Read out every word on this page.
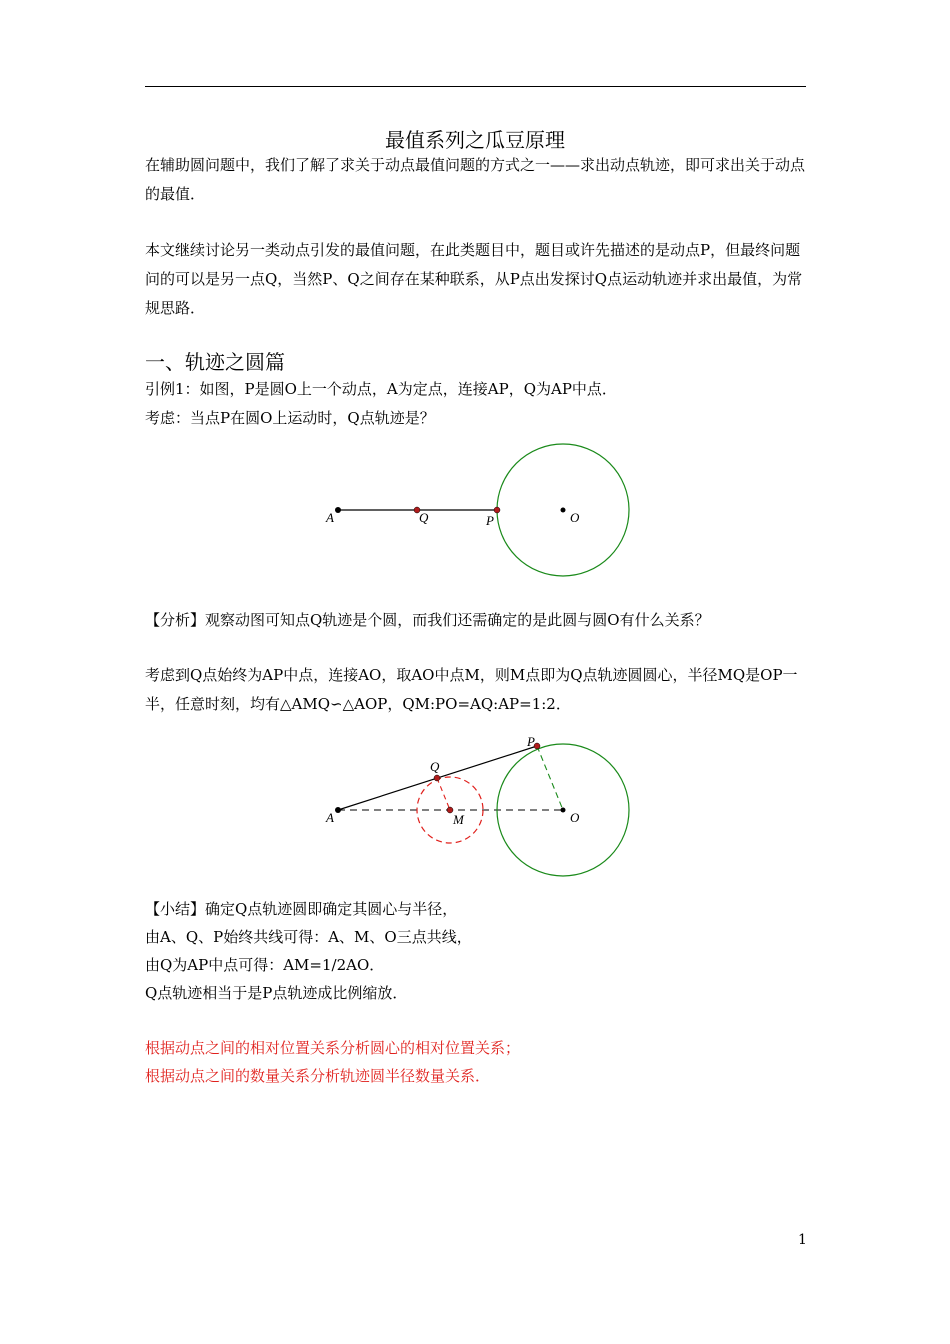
最值系列之瓜豆原理
在辅助圆问题中，我们了解了求关于动点最值问题的方式之一——求出动点轨迹，即可求出关于动点的最值．
本文继续讨论另一类动点引发的最值问题，在此类题目中，题目或许先描述的是动点P，但最终问题问的可以是另一点Q，当然P、Q之间存在某种联系，从P点出发探讨Q点运动轨迹并求出最值，为常规思路．
一、轨迹之圆篇
引例1：如图，P是圆O上一个动点，A为定点，连接AP，Q为AP中点．
考虑：当点P在圆O上运动时，Q点轨迹是？
A	Q	P	O
【分析】观察动图可知点Q轨迹是个圆，而我们还需确定的是此圆与圆O有什么关系？
考虑到Q点始终为AP中点，连接AO，取AO中点M，则M点即为Q点轨迹圆圆心，半径MQ是OP一半，任意时刻，均有△AMQ∽△AOP，QM:PO=AQ:AP=1:2．
A
Q
P
M	O
【小结】确定Q点轨迹圆即确定其圆心与半径，
由A、Q、P始终共线可得：A、M、O三点共线，
由Q为AP中点可得：AM=1/2AO．
Q点轨迹相当于是P点轨迹成比例缩放．
根据动点之间的相对位置关系分析圆心的相对位置关系；
根据动点之间的数量关系分析轨迹圆半径数量关系．
1
